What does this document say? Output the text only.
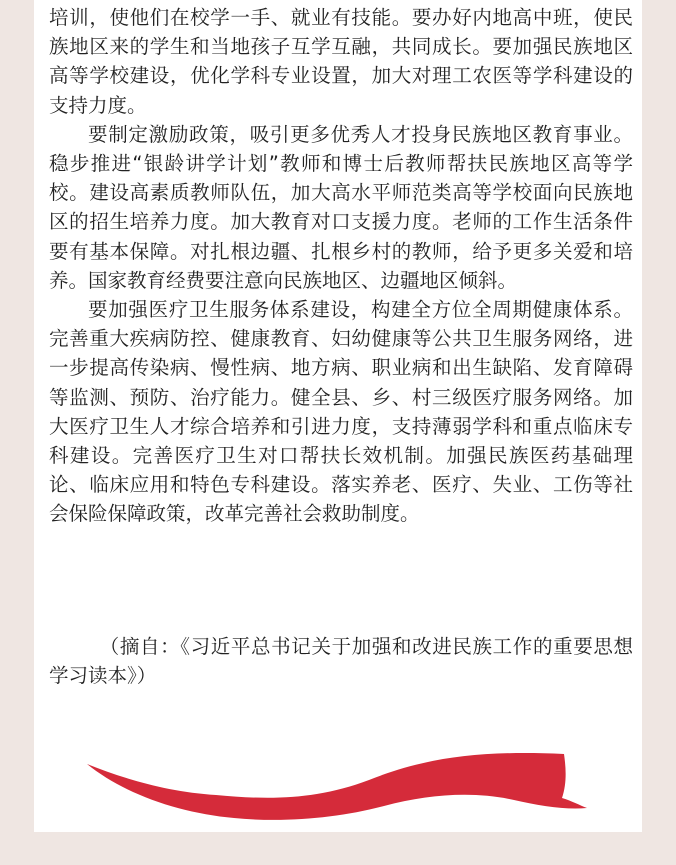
培训，使他们在校学一手、就业有技能。要办好内地高中班，使民族地区来的学生和当地孩子互学互融，共同成长。要加强民族地区高等学校建设，优化学科专业设置，加大对理工农医等学科建设的支持力度。

要制定激励政策，吸引更多优秀人才投身民族地区教育事业。稳步推进“银龄讲学计划”教师和博士后教师帮扶民族地区高等学校。建设高素质教师队伍，加大高水平师范类高等学校面向民族地区的招生培养力度。加大教育对口支援力度。老师的工作生活条件要有基本保障。对扎根边疆、扎根乡村的教师，给予更多关爱和培养。国家教育经费要注意向民族地区、边疆地区倾斜。

要加强医疗卫生服务体系建设，构建全方位全周期健康体系。完善重大疾病防控、健康教育、妇幼健康等公共卫生服务网络，进一步提高传染病、慢性病、地方病、职业病和出生缺陷、发育障碍等监测、预防、治疗能力。健全县、乡、村三级医疗服务网络。加大医疗卫生人才综合培养和引进力度，支持薄弱学科和重点临床专科建设。完善医疗卫生对口帮扶长效机制。加强民族医药基础理论、临床应用和特色专科建设。落实养老、医疗、失业、工伤等社会保险保障政策，改革完善社会救助制度。

（摘自：《习近平总书记关于加强和改进民族工作的重要思想学习读本》）
